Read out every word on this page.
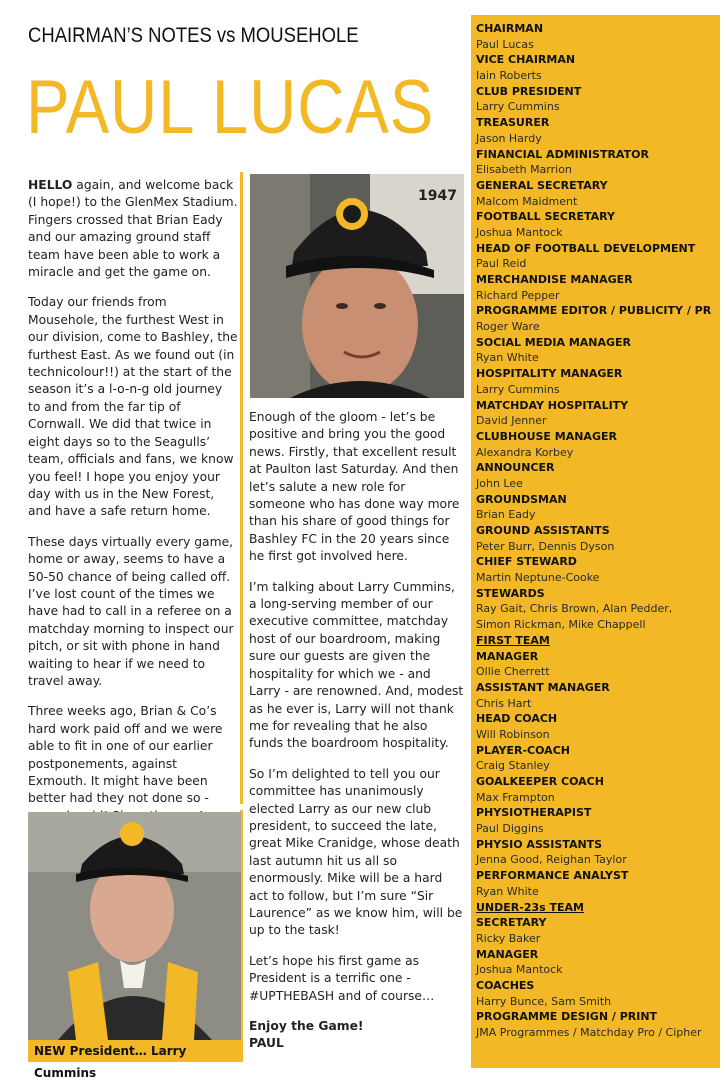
CHAIRMAN’S NOTES vs MOUSEHOLE
PAUL LUCAS

HELLO again, and welcome back (I hope!) to the GlenMex Stadium. Fingers crossed that Brian Eady and our amazing ground staff team have been able to work a miracle and get the game on.

Today our friends from Mousehole, the furthest West in our division, come to Bashley, the furthest East. As we found out (in technicolour!!) at the start of the season it’s a l-o-n-g old journey to and from the far tip of Cornwall. We did that twice in eight days so to the Seagulls’ team, officials and fans, we know you feel! I hope you enjoy your day with us in the New Forest, and have a safe return home.

These days virtually every game, home or away, seems to have a 50-50 chance of being called off. I’ve lost count of the times we have had to call in a referee on a matchday morning to inspect our pitch, or sit with phone in hand waiting to hear if we need to travel away.

Three weeks ago, Brian & Co’s hard work paid off and we were able to fit in one of our earlier postponements, against Exmouth. It might have been better had they not done so -

1947

Enough of the gloom - let’s be positive and bring you the good news. Firstly, that excellent result at Paulton last Saturday. And then let’s salute a new role for someone who has done way more than his share of good things for Bashley FC in the 20 years since he first got involved here.

I’m talking about Larry Cummins, a long-serving member of our executive committee, matchday host of our boardroom, making sure our guests are given the hospitality for which we - and Larry - are renowned. And, modest as he ever is, Larry will not thank me for revealing that he also funds the boardroom hospitality.

So I’m delighted to tell you our committee has unanimously elected Larry as our new club president, to succeed the late, great Mike Cranidge, whose death last autumn hit us all so enormously. Mike will be a hard act to follow, but I’m sure “Sir Laurence” as we know him, will be up to the task!

Let’s hope his first game as President is a terrific one - #UPTHEBASH and of course…

Enjoy the Game!
PAUL
NEW President… Larry Cummins
CHAIRMAN
Paul Lucas
VICE CHAIRMAN
Iain Roberts
CLUB PRESIDENT
Larry Cummins
TREASURER
Jason Hardy
FINANCIAL ADMINISTRATOR
Elisabeth Marrion
GENERAL SECRETARY
Malcom Maidment
FOOTBALL SECRETARY
Joshua Mantock
HEAD OF FOOTBALL DEVELOPMENT
Paul Reid
MERCHANDISE MANAGER
Richard Pepper
PROGRAMME EDITOR / PUBLICITY / PR
Roger Ware
SOCIAL MEDIA MANAGER
Ryan White
HOSPITALITY MANAGER
Larry Cummins
MATCHDAY HOSPITALITY
David Jenner
CLUBHOUSE MANAGER
Alexandra Korbey
ANNOUNCER
John Lee
GROUNDSMAN
Brian Eady
GROUND ASSISTANTS
Peter Burr, Dennis Dyson
CHIEF STEWARD
Martin Neptune-Cooke
STEWARDS
Ray Gait, Chris Brown, Alan Pedder,
Simon Rickman, Mike Chappell
FIRST TEAM
MANAGER
Ollie Cherrett
ASSISTANT MANAGER
Chris Hart
HEAD COACH
Will Robinson
PLAYER-COACH
Craig Stanley
GOALKEEPER COACH
Max Frampton
PHYSIOTHERAPIST
Paul Diggins
PHYSIO ASSISTANTS
Jenna Good, Reighan Taylor
PERFORMANCE ANALYST
Ryan White
UNDER-23s TEAM
SECRETARY
Ricky Baker
MANAGER
Joshua Mantock
COACHES
Harry Bunce, Sam Smith
PROGRAMME DESIGN / PRINT
JMA Programmes / Matchday Pro / Cipher
